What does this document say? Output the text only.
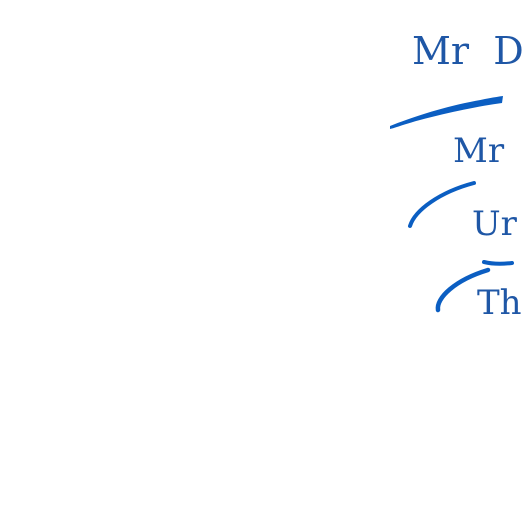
Mr  D
Mr
Ur
Th
